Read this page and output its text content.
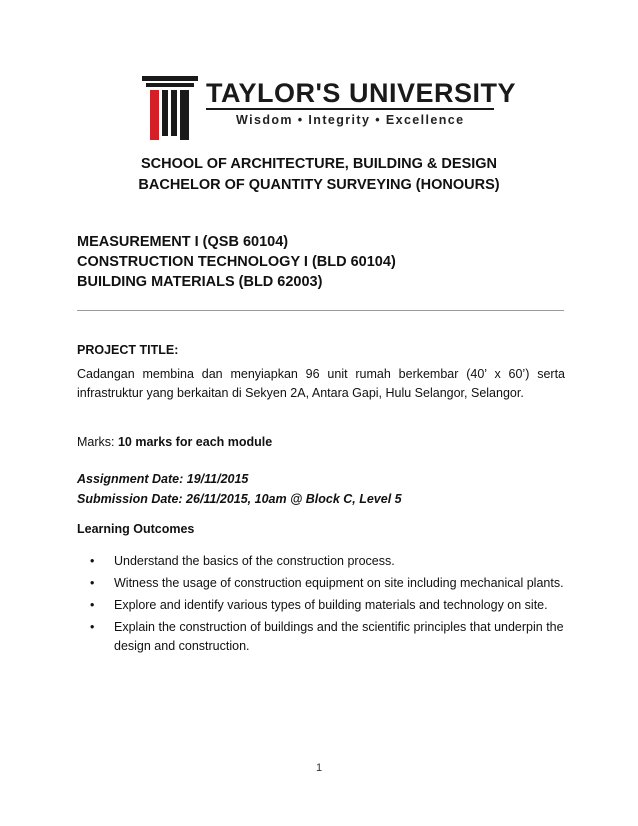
TAYLOR'S UNIVERSITY
Wisdom • Integrity • Excellence
SCHOOL OF ARCHITECTURE, BUILDING & DESIGN
BACHELOR OF QUANTITY SURVEYING (HONOURS)
MEASUREMENT I (QSB 60104)
CONSTRUCTION TECHNOLOGY I (BLD 60104)
BUILDING MATERIALS (BLD 62003)
PROJECT TITLE:
Cadangan membina dan menyiapkan 96 unit rumah berkembar (40’ x 60’) serta
infrastruktur yang berkaitan di Sekyen 2A, Antara Gapi, Hulu Selangor, Selangor.
Marks: 10 marks for each module
Assignment Date: 19/11/2015
Submission Date: 26/11/2015, 10am @ Block C, Level 5
Learning Outcomes
• Understand the basics of the construction process.
• Witness the usage of construction equipment on site including mechanical plants.
• Explore and identify various types of building materials and technology on site.
• Explain the construction of buildings and the scientific principles that underpin the design and construction.
1
